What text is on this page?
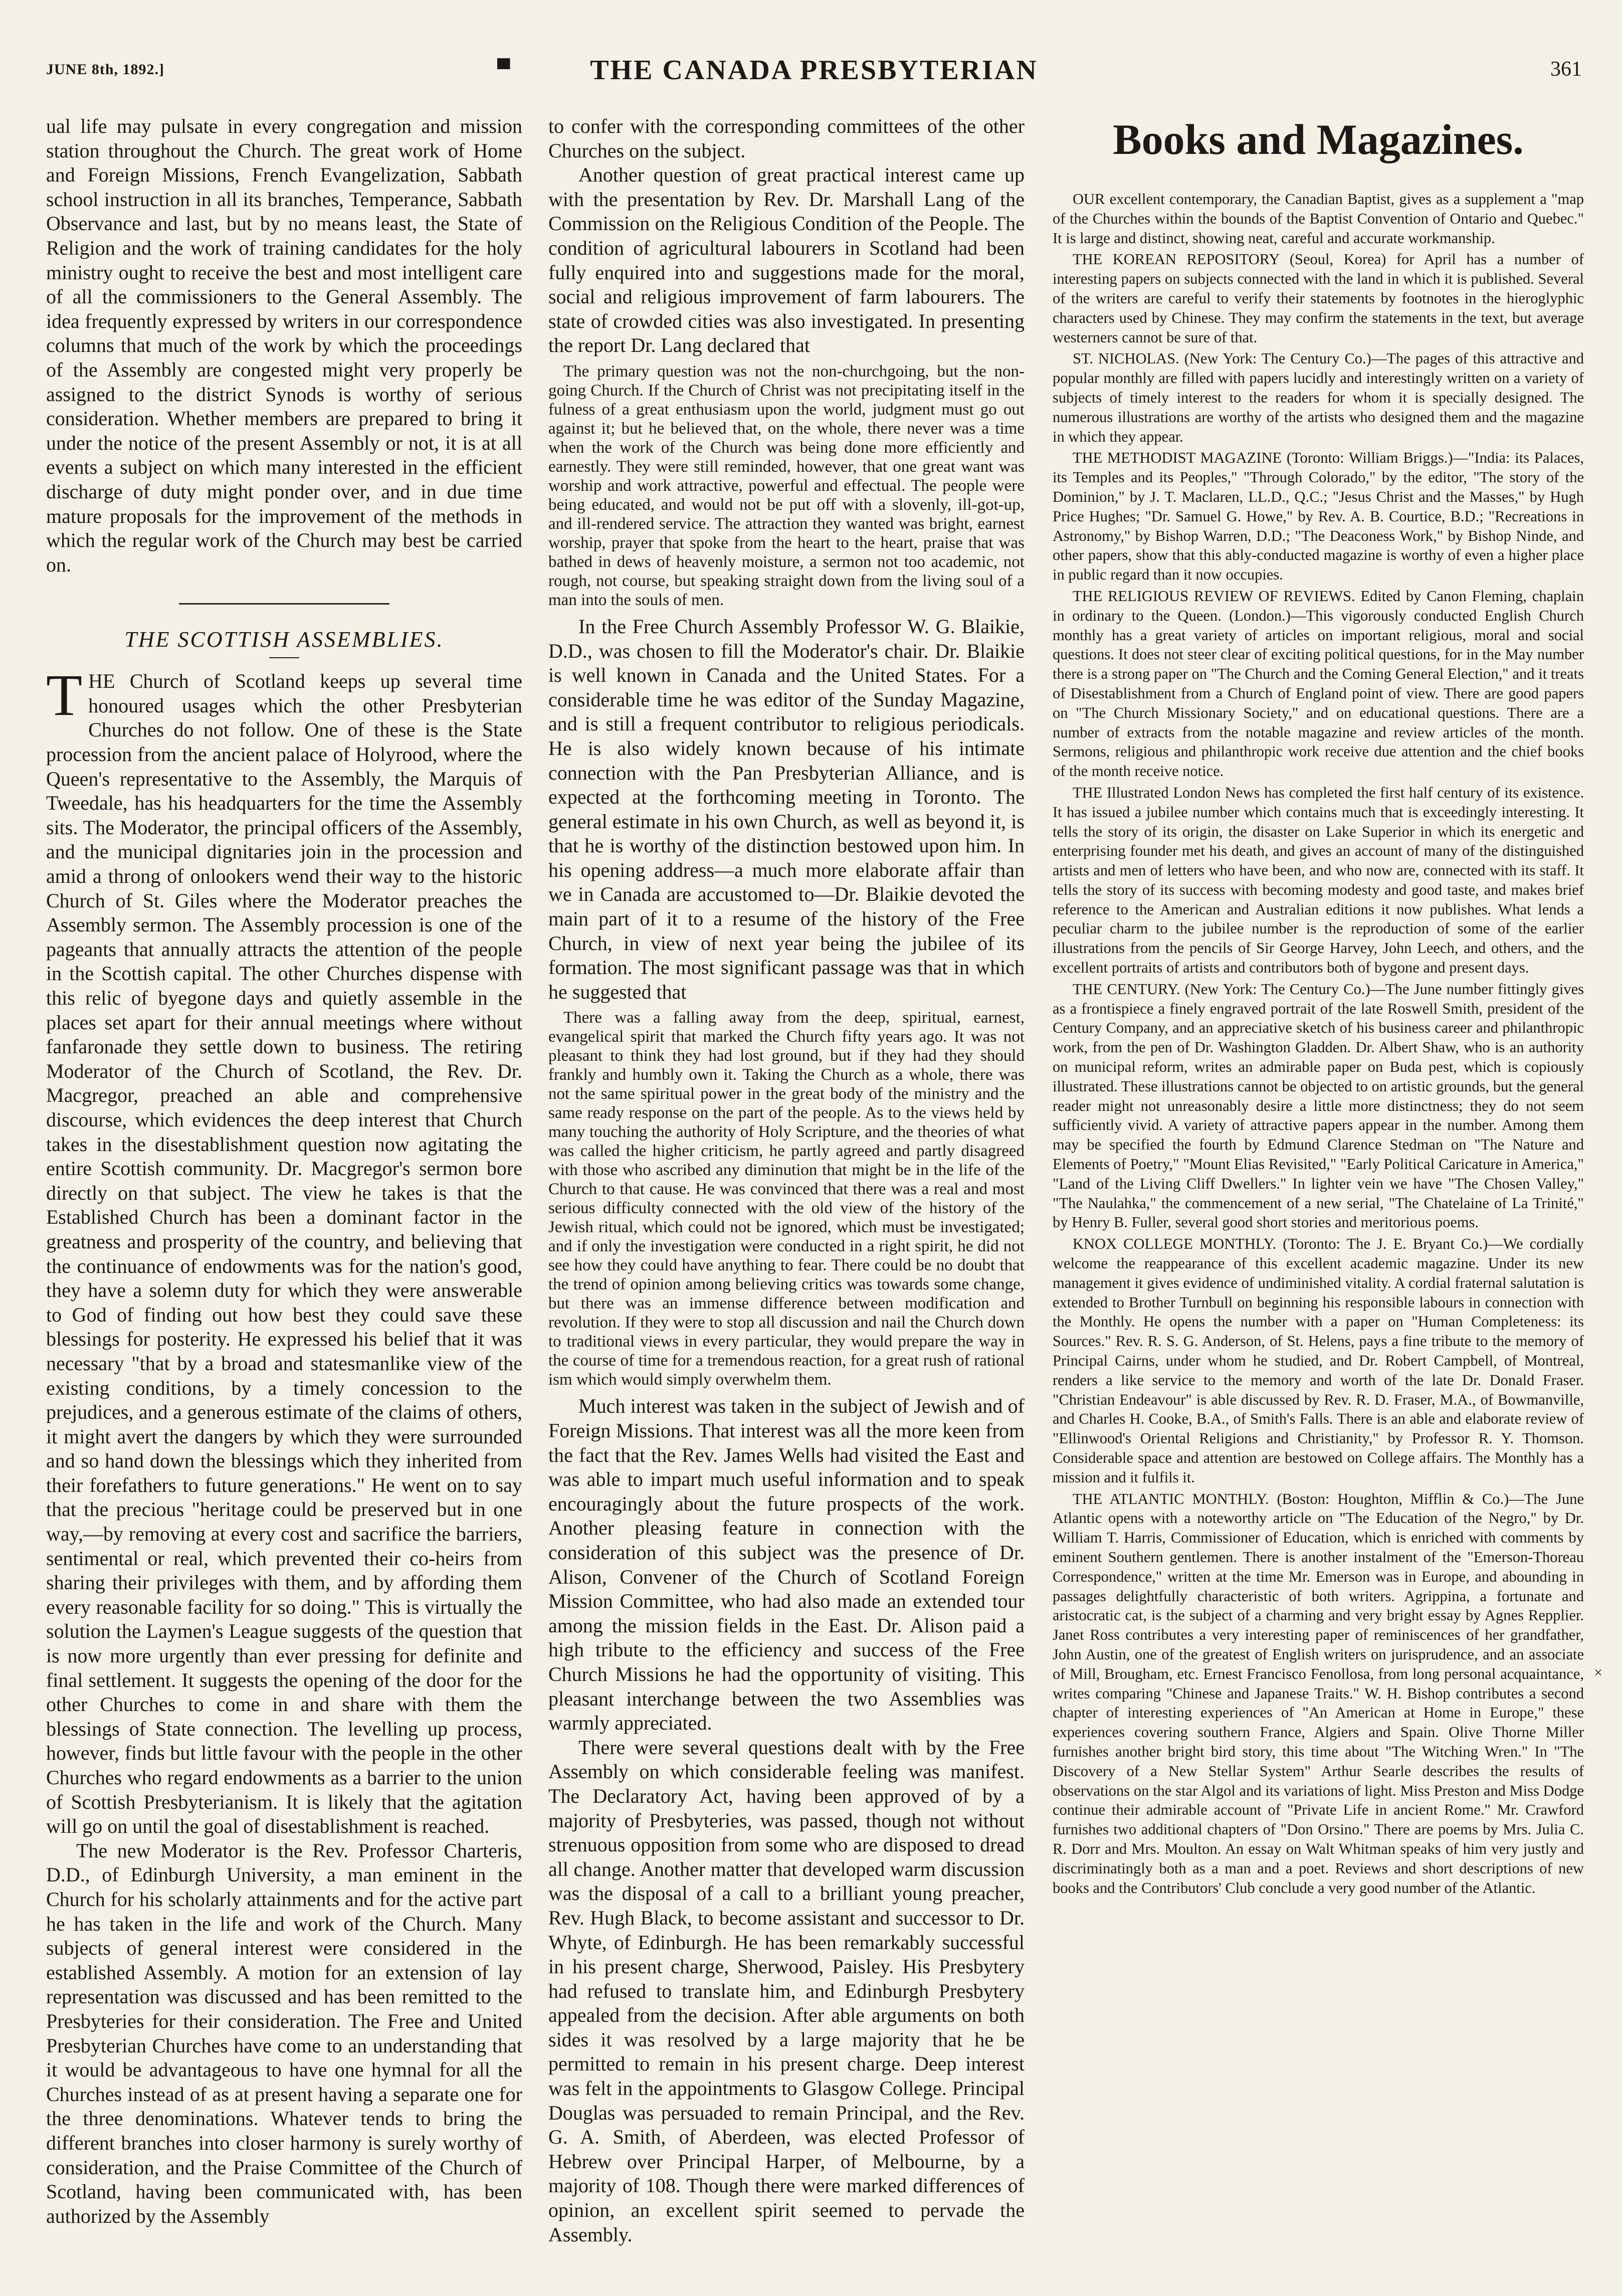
JUNE 8th, 1892.]	▀	THE CANADA PRESBYTERIAN	361

ual life may pulsate in every congregation and mission station throughout the Church. The great work of Home and Foreign Missions, French Evangelization, Sabbath school instruction in all its branches, Temperance, Sabbath Observance and last, but by no means least, the State of Religion and the work of training candidates for the holy ministry ought to receive the best and most intelligent care of all the commissioners to the General Assembly. The idea frequently expressed by writers in our correspondence columns that much of the work by which the proceedings of the Assembly are congested might very properly be assigned to the district Synods is worthy of serious consideration. Whether members are prepared to bring it under the notice of the present Assembly or not, it is at all events a subject on which many interested in the efficient discharge of duty might ponder over, and in due time mature proposals for the improvement of the methods in which the regular work of the Church may best be carried on.

THE SCOTTISH ASSEMBLIES.

THE Church of Scotland keeps up several time honoured usages which the other Presbyterian Churches do not follow. One of these is the State procession from the ancient palace of Holyrood, where the Queen's representative to the Assembly, the Marquis of Tweedale, has his headquarters for the time the Assembly sits. The Moderator, the principal officers of the Assembly, and the municipal dignitaries join in the procession and amid a throng of onlookers wend their way to the historic Church of St. Giles where the Moderator preaches the Assembly sermon. The Assembly procession is one of the pageants that annually attracts the attention of the people in the Scottish capital. The other Churches dispense with this relic of byegone days and quietly assemble in the places set apart for their annual meetings where without fanfaronade they settle down to business. The retiring Moderator of the Church of Scotland, the Rev. Dr. Macgregor, preached an able and comprehensive discourse, which evidences the deep interest that Church takes in the disestablishment question now agitating the entire Scottish community. Dr. Macgregor's sermon bore directly on that subject. The view he takes is that the Established Church has been a dominant factor in the greatness and prosperity of the country, and believing that the continuance of endowments was for the nation's good, they have a solemn duty for which they were answerable to God of finding out how best they could save these blessings for posterity. He expressed his belief that it was necessary "that by a broad and statesmanlike view of the existing conditions, by a timely concession to the prejudices, and a generous estimate of the claims of others, it might avert the dangers by which they were surrounded and so hand down the blessings which they inherited from their forefathers to future generations." He went on to say that the precious "heritage could be preserved but in one way,—by removing at every cost and sacrifice the barriers, sentimental or real, which prevented their co-heirs from sharing their privileges with them, and by affording them every reasonable facility for so doing." This is virtually the solution the Laymen's League suggests of the question that is now more urgently than ever pressing for definite and final settlement. It suggests the opening of the door for the other Churches to come in and share with them the blessings of State connection. The levelling up process, however, finds but little favour with the people in the other Churches who regard endowments as a barrier to the union of Scottish Presbyterianism. It is likely that the agitation will go on until the goal of disestablishment is reached.

The new Moderator is the Rev. Professor Charteris, D.D., of Edinburgh University, a man eminent in the Church for his scholarly attainments and for the active part he has taken in the life and work of the Church. Many subjects of general interest were considered in the established Assembly. A motion for an extension of lay representation was discussed and has been remitted to the Presbyteries for their consideration. The Free and United Presbyterian Churches have come to an understanding that it would be advantageous to have one hymnal for all the Churches instead of as at present having a separate one for the three denominations. Whatever tends to bring the different branches into closer harmony is surely worthy of consideration, and the Praise Committee of the Church of Scotland, having been communicated with, has been authorized by the Assembly

to confer with the corresponding committees of the other Churches on the subject.

Another question of great practical interest came up with the presentation by Rev. Dr. Marshall Lang of the Commission on the Religious Condition of the People. The condition of agricultural labourers in Scotland had been fully enquired into and suggestions made for the moral, social and religious improvement of farm labourers. The state of crowded cities was also investigated. In presenting the report Dr. Lang declared that

The primary question was not the non-churchgoing, but the non-going Church. If the Church of Christ was not precipitating itself in the fulness of a great enthusiasm upon the world, judgment must go out against it; but he believed that, on the whole, there never was a time when the work of the Church was being done more efficiently and earnestly. They were still reminded, however, that one great want was worship and work attractive, powerful and effectual. The people were being educated, and would not be put off with a slovenly, ill-got-up, and ill-rendered service. The attraction they wanted was bright, earnest worship, prayer that spoke from the heart to the heart, praise that was bathed in dews of heavenly moisture, a sermon not too academic, not rough, not course, but speaking straight down from the living soul of a man into the souls of men.

In the Free Church Assembly Professor W. G. Blaikie, D.D., was chosen to fill the Moderator's chair. Dr. Blaikie is well known in Canada and the United States. For a considerable time he was editor of the Sunday Magazine, and is still a frequent contributor to religious periodicals. He is also widely known because of his intimate connection with the Pan Presbyterian Alliance, and is expected at the forthcoming meeting in Toronto. The general estimate in his own Church, as well as beyond it, is that he is worthy of the distinction bestowed upon him. In his opening address—a much more elaborate affair than we in Canada are accustomed to—Dr. Blaikie devoted the main part of it to a resume of the history of the Free Church, in view of next year being the jubilee of its formation. The most significant passage was that in which he suggested that

There was a falling away from the deep, spiritual, earnest, evangelical spirit that marked the Church fifty years ago. It was not pleasant to think they had lost ground, but if they had they should frankly and humbly own it. Taking the Church as a whole, there was not the same spiritual power in the great body of the ministry and the same ready response on the part of the people. As to the views held by many touching the authority of Holy Scripture, and the theories of what was called the higher criticism, he partly agreed and partly disagreed with those who ascribed any diminution that might be in the life of the Church to that cause. He was convinced that there was a real and most serious difficulty connected with the old view of the history of the Jewish ritual, which could not be ignored, which must be investigated; and if only the investigation were conducted in a right spirit, he did not see how they could have anything to fear. There could be no doubt that the trend of opinion among believing critics was towards some change, but there was an immense difference between modification and revolution. If they were to stop all discussion and nail the Church down to traditional views in every particular, they would prepare the way in the course of time for a tremendous reaction, for a great rush of rational ism which would simply overwhelm them.

Much interest was taken in the subject of Jewish and of Foreign Missions. That interest was all the more keen from the fact that the Rev. James Wells had visited the East and was able to impart much useful information and to speak encouragingly about the future prospects of the work. Another pleasing feature in connection with the consideration of this subject was the presence of Dr. Alison, Convener of the Church of Scotland Foreign Mission Committee, who had also made an extended tour among the mission fields in the East. Dr. Alison paid a high tribute to the efficiency and success of the Free Church Missions he had the opportunity of visiting. This pleasant interchange between the two Assemblies was warmly appreciated.

There were several questions dealt with by the Free Assembly on which considerable feeling was manifest. The Declaratory Act, having been approved of by a majority of Presbyteries, was passed, though not without strenuous opposition from some who are disposed to dread all change. Another matter that developed warm discussion was the disposal of a call to a brilliant young preacher, Rev. Hugh Black, to become assistant and successor to Dr. Whyte, of Edinburgh. He has been remarkably successful in his present charge, Sherwood, Paisley. His Presbytery had refused to translate him, and Edinburgh Presbytery appealed from the decision. After able arguments on both sides it was resolved by a large majority that he be permitted to remain in his present charge. Deep interest was felt in the appointments to Glasgow College. Principal Douglas was persuaded to remain Principal, and the Rev. G. A. Smith, of Aberdeen, was elected Professor of Hebrew over Principal Harper, of Melbourne, by a majority of 108. Though there were marked differences of opinion, an excellent spirit seemed to pervade the Assembly.

Books and Magazines.

OUR excellent contemporary, the Canadian Baptist, gives as a supplement a "map of the Churches within the bounds of the Baptist Convention of Ontario and Quebec." It is large and distinct, showing neat, careful and accurate workmanship.

THE KOREAN REPOSITORY (Seoul, Korea) for April has a number of interesting papers on subjects connected with the land in which it is published. Several of the writers are careful to verify their statements by footnotes in the hieroglyphic characters used by Chinese. They may confirm the statements in the text, but average westerners cannot be sure of that.

ST. NICHOLAS. (New York: The Century Co.)—The pages of this attractive and popular monthly are filled with papers lucidly and interestingly written on a variety of subjects of timely interest to the readers for whom it is specially designed. The numerous illustrations are worthy of the artists who designed them and the magazine in which they appear.

THE METHODIST MAGAZINE (Toronto: William Briggs.)—"India: its Palaces, its Temples and its Peoples," "Through Colorado," by the editor, "The story of the Dominion," by J. T. Maclaren, LL.D., Q.C.; "Jesus Christ and the Masses," by Hugh Price Hughes; "Dr. Samuel G. Howe," by Rev. A. B. Courtice, B.D.; "Recreations in Astronomy," by Bishop Warren, D.D.; "The Deaconess Work," by Bishop Ninde, and other papers, show that this ably-conducted magazine is worthy of even a higher place in public regard than it now occupies.

THE RELIGIOUS REVIEW OF REVIEWS. Edited by Canon Fleming, chaplain in ordinary to the Queen. (London.)—This vigorously conducted English Church monthly has a great variety of articles on important religious, moral and social questions. It does not steer clear of exciting political questions, for in the May number there is a strong paper on "The Church and the Coming General Election," and it treats of Disestablishment from a Church of England point of view. There are good papers on "The Church Missionary Society," and on educational questions. There are a number of extracts from the notable magazine and review articles of the month. Sermons, religious and philanthropic work receive due attention and the chief books of the month receive notice.

THE Illustrated London News has completed the first half century of its existence. It has issued a jubilee number which contains much that is exceedingly interesting. It tells the story of its origin, the disaster on Lake Superior in which its energetic and enterprising founder met his death, and gives an account of many of the distinguished artists and men of letters who have been, and who now are, connected with its staff. It tells the story of its success with becoming modesty and good taste, and makes brief reference to the American and Australian editions it now publishes. What lends a peculiar charm to the jubilee number is the reproduction of some of the earlier illustrations from the pencils of Sir George Harvey, John Leech, and others, and the excellent portraits of artists and contributors both of bygone and present days.

THE CENTURY. (New York: The Century Co.)—The June number fittingly gives as a frontispiece a finely engraved portrait of the late Roswell Smith, president of the Century Company, and an appreciative sketch of his business career and philanthropic work, from the pen of Dr. Washington Gladden. Dr. Albert Shaw, who is an authority on municipal reform, writes an admirable paper on Buda pest, which is copiously illustrated. These illustrations cannot be objected to on artistic grounds, but the general reader might not unreasonably desire a little more distinctness; they do not seem sufficiently vivid. A variety of attractive papers appear in the number. Among them may be specified the fourth by Edmund Clarence Stedman on "The Nature and Elements of Poetry," "Mount Elias Revisited," "Early Political Caricature in America," "Land of the Living Cliff Dwellers." In lighter vein we have "The Chosen Valley," "The Naulahka," the commencement of a new serial, "The Chatelaine of La Trinité," by Henry B. Fuller, several good short stories and meritorious poems.

KNOX COLLEGE MONTHLY. (Toronto: The J. E. Bryant Co.)—We cordially welcome the reappearance of this excellent academic magazine. Under its new management it gives evidence of undiminished vitality. A cordial fraternal salutation is extended to Brother Turnbull on beginning his responsible labours in connection with the Monthly. He opens the number with a paper on "Human Completeness: its Sources." Rev. R. S. G. Anderson, of St. Helens, pays a fine tribute to the memory of Principal Cairns, under whom he studied, and Dr. Robert Campbell, of Montreal, renders a like service to the memory and worth of the late Dr. Donald Fraser. "Christian Endeavour" is able discussed by Rev. R. D. Fraser, M.A., of Bowmanville, and Charles H. Cooke, B.A., of Smith's Falls. There is an able and elaborate review of "Ellinwood's Oriental Religions and Christianity," by Professor R. Y. Thomson. Considerable space and attention are bestowed on College affairs. The Monthly has a mission and it fulfils it.

THE ATLANTIC MONTHLY. (Boston: Houghton, Mifflin & Co.)—The June Atlantic opens with a noteworthy article on "The Education of the Negro," by Dr. William T. Harris, Commissioner of Education, which is enriched with comments by eminent Southern gentlemen. There is another instalment of the "Emerson-Thoreau Correspondence," written at the time Mr. Emerson was in Europe, and abounding in passages delightfully characteristic of both writers. Agrippina, a fortunate and aristocratic cat, is the subject of a charming and very bright essay by Agnes Repplier. Janet Ross contributes a very interesting paper of reminiscences of her grandfather, John Austin, one of the greatest of English writers on jurisprudence, and an associate of Mill, Brougham, etc. Ernest Francisco Fenollosa, from long personal acquaintance, writes comparing "Chinese and Japanese Traits." W. H. Bishop contributes a second chapter of interesting experiences of "An American at Home in Europe," these experiences covering southern France, Algiers and Spain. Olive Thorne Miller furnishes another bright bird story, this time about "The Witching Wren." In "The Discovery of a New Stellar System" Arthur Searle describes the results of observations on the star Algol and its variations of light. Miss Preston and Miss Dodge continue their admirable account of "Private Life in ancient Rome." Mr. Crawford furnishes two additional chapters of "Don Orsino." There are poems by Mrs. Julia C. R. Dorr and Mrs. Moulton. An essay on Walt Whitman speaks of him very justly and discriminatingly both as a man and a poet. Reviews and short descriptions of new books and the Contributors' Club conclude a very good number of the Atlantic.

×
